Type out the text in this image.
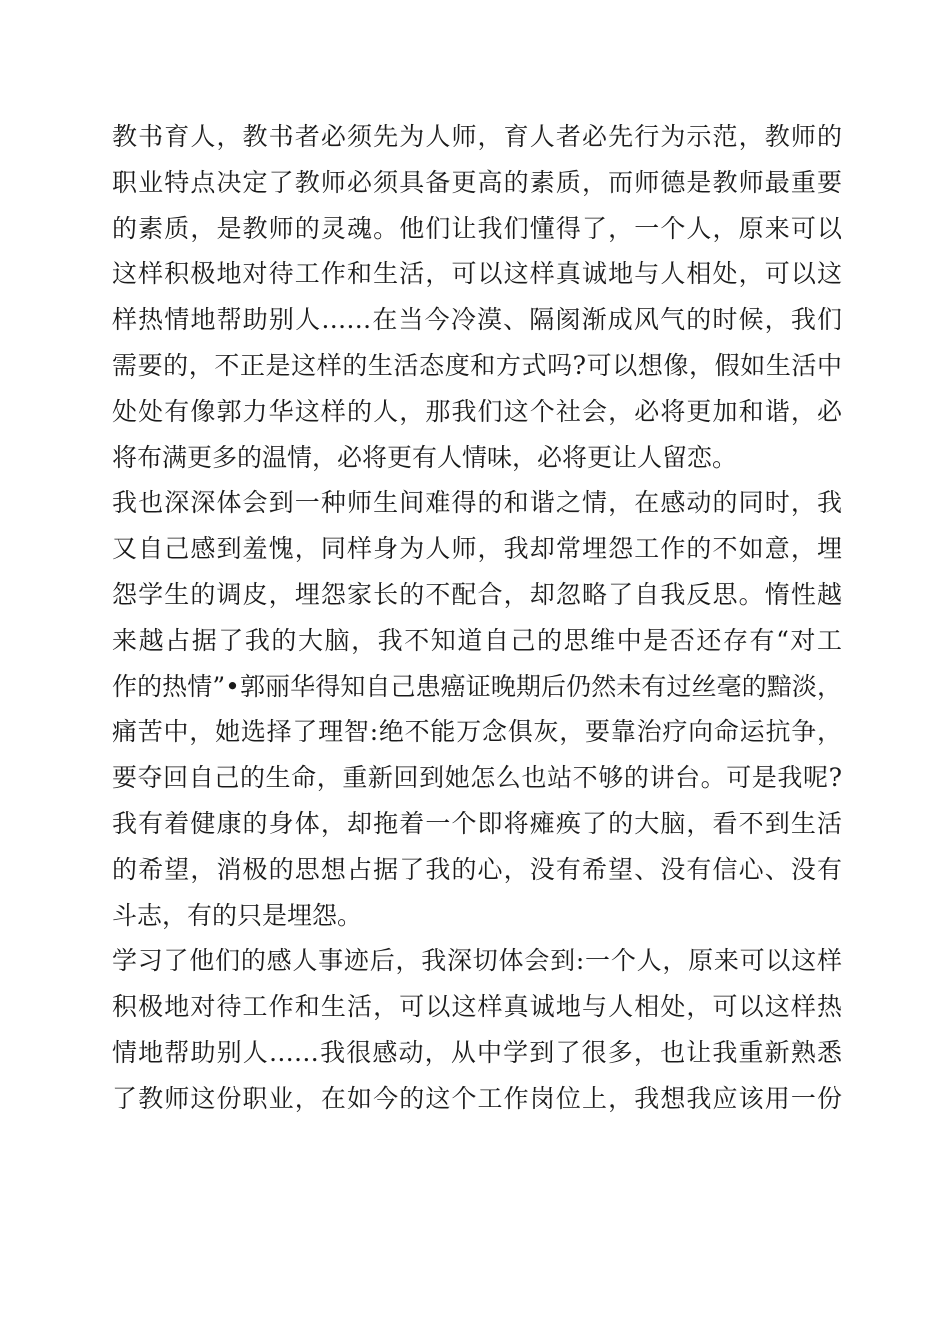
教书育人，教书者必须先为人师，育人者必先行为示范，教师的
职业特点决定了教师必须具备更高的素质，而师德是教师最重要
的素质，是教师的灵魂。他们让我们懂得了，一个人，原来可以
这样积极地对待工作和生活，可以这样真诚地与人相处，可以这
样热情地帮助别人……在当今冷漠、隔阂渐成风气的时候，我们
需要的，不正是这样的生活态度和方式吗?可以想像，假如生活中
处处有像郭力华这样的人，那我们这个社会，必将更加和谐，必
将布满更多的温情，必将更有人情味，必将更让人留恋。
我也深深体会到一种师生间难得的和谐之情，在感动的同时，我
又自己感到羞愧，同样身为人师，我却常埋怨工作的不如意，埋
怨学生的调皮，埋怨家长的不配合，却忽略了自我反思。惰性越
来越占据了我的大脑，我不知道自己的思维中是否还存有“对工
作的热情”•郭丽华得知自己患癌证晚期后仍然未有过丝毫的黯淡，
痛苦中，她选择了理智:绝不能万念俱灰，要靠治疗向命运抗争，
要夺回自己的生命，重新回到她怎么也站不够的讲台。可是我呢?
我有着健康的身体，却拖着一个即将瘫痪了的大脑，看不到生活
的希望，消极的思想占据了我的心，没有希望、没有信心、没有
斗志，有的只是埋怨。
学习了他们的感人事迹后，我深切体会到:一个人，原来可以这样
积极地对待工作和生活，可以这样真诚地与人相处，可以这样热
情地帮助别人……我很感动，从中学到了很多，也让我重新熟悉
了教师这份职业，在如今的这个工作岗位上，我想我应该用一份
